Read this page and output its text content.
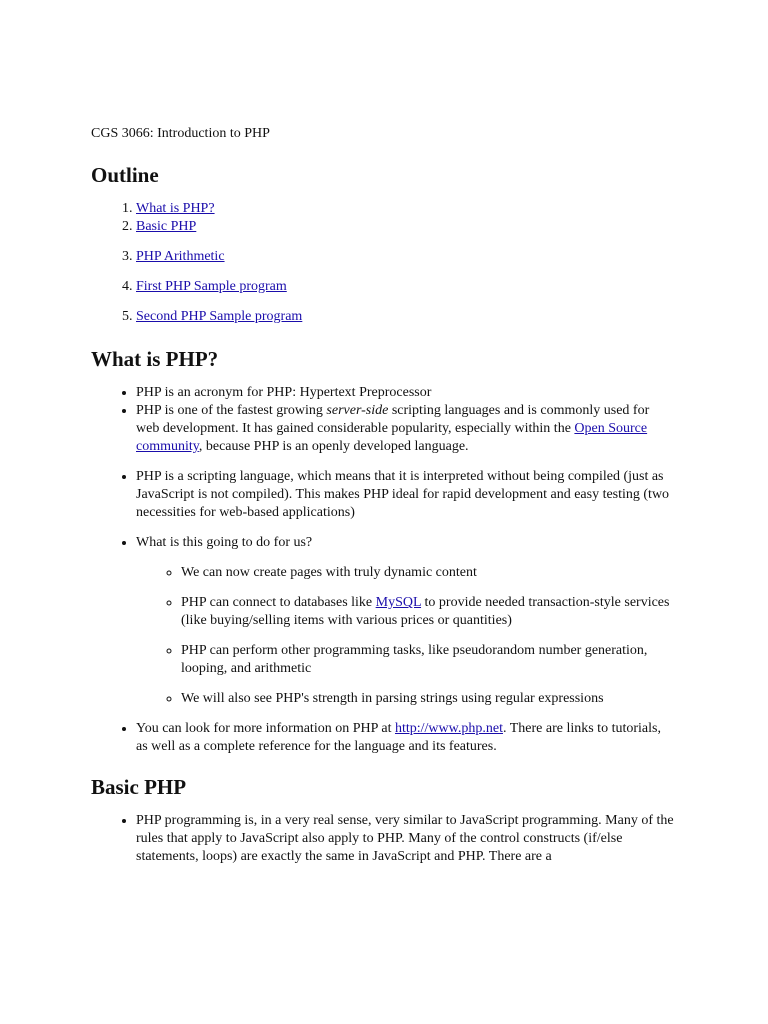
CGS 3066: Introduction to PHP

Outline
1. What is PHP?
2. Basic PHP
3. PHP Arithmetic
4. First PHP Sample program
5. Second PHP Sample program
What is PHP?
• PHP is an acronym for PHP: Hypertext Preprocessor
• PHP is one of the fastest growing server-side scripting languages and is commonly used for web development. It has gained considerable popularity, especially within the Open Source community, because PHP is an openly developed language.
• PHP is a scripting language, which means that it is interpreted without being compiled (just as JavaScript is not compiled). This makes PHP ideal for rapid development and easy testing (two necessities for web-based applications)
• What is this going to do for us?
◦ We can now create pages with truly dynamic content
◦ PHP can connect to databases like MySQL to provide needed transaction-style services (like buying/selling items with various prices or quantities)
◦ PHP can perform other programming tasks, like pseudorandom number generation, looping, and arithmetic
◦ We will also see PHP's strength in parsing strings using regular expressions
• You can look for more information on PHP at http://www.php.net. There are links to tutorials, as well as a complete reference for the language and its features.
Basic PHP
• PHP programming is, in a very real sense, very similar to JavaScript programming. Many of the rules that apply to JavaScript also apply to PHP. Many of the control constructs (if/else statements, loops) are exactly the same in JavaScript and PHP. There are a
